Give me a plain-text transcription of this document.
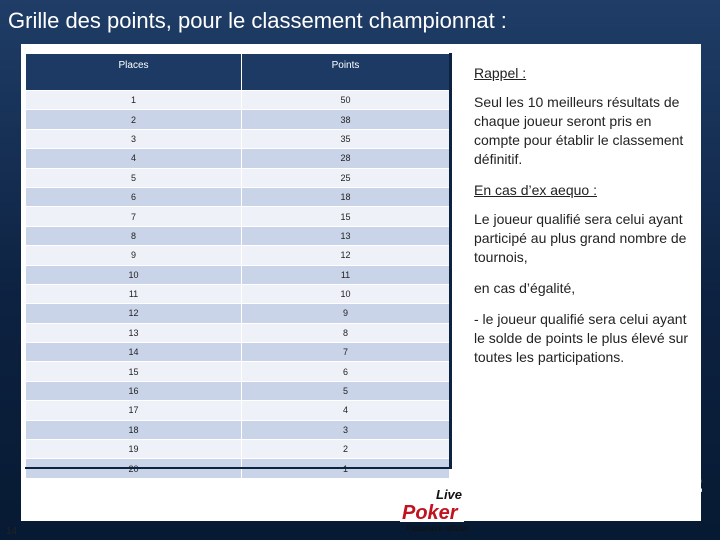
Grille des points, pour le classement championnat :
Places	Points
1	50
2	38
3	35
4	28
5	25
6	18
7	15
8	13
9	12
10	11
11	10
12	9
13	8
14	7
15	6
16	5
17	4
18	3
19	2
20	1

Rappel :

Seul les 10 meilleurs résultats de chaque joueur seront pris en compte pour établir le classement définitif.

En cas d’ex aequo :

Le joueur qualifié sera celui ayant participé au plus grand nombre de tournois,

en cas d’égalité,

- le joueur qualifié sera celui ayant le solde de points le plus élevé sur toutes les participations.

Live
Poker
Partenaire officiel
14
♣♥♠♦
PARTOUCHE
POKER
GIBRALTAR Ltd
